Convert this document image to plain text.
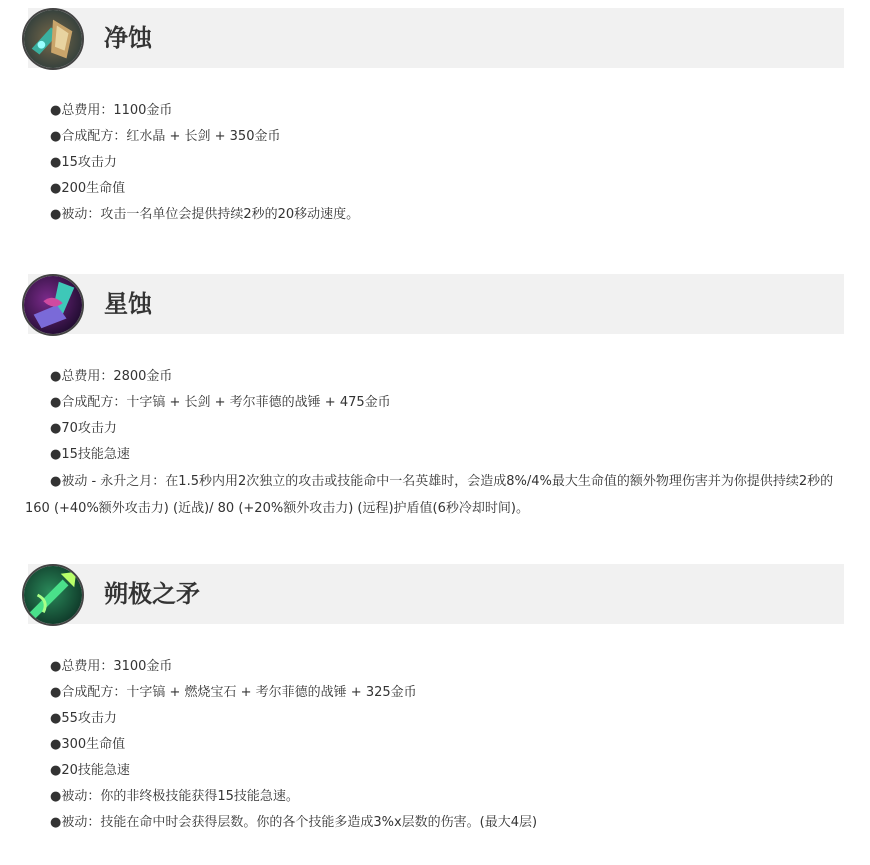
净蚀
●总费用：1100金币
●合成配方：红水晶 + 长剑 + 350金币
●15攻击力
●200生命值
●被动：攻击一名单位会提供持续2秒的20移动速度。
星蚀
●总费用：2800金币
●合成配方：十字镐 + 长剑 + 考尔菲德的战锤 + 475金币
●70攻击力
●15技能急速
●被动 - 永升之月：在1.5秒内用2次独立的攻击或技能命中一名英雄时，会造成8%/4%最大生命值的额外物理伤害并为你提供持续2秒的160 (+40%额外攻击力) (近战)/ 80 (+20%额外攻击力) (远程)护盾值(6秒冷却时间)。
朔极之矛
●总费用：3100金币
●合成配方：十字镐 + 燃烧宝石 + 考尔菲德的战锤 + 325金币
●55攻击力
●300生命值
●20技能急速
●被动：你的非终极技能获得15技能急速。
●被动：技能在命中时会获得层数。你的各个技能多造成3%x层数的伤害。(最大4层)
